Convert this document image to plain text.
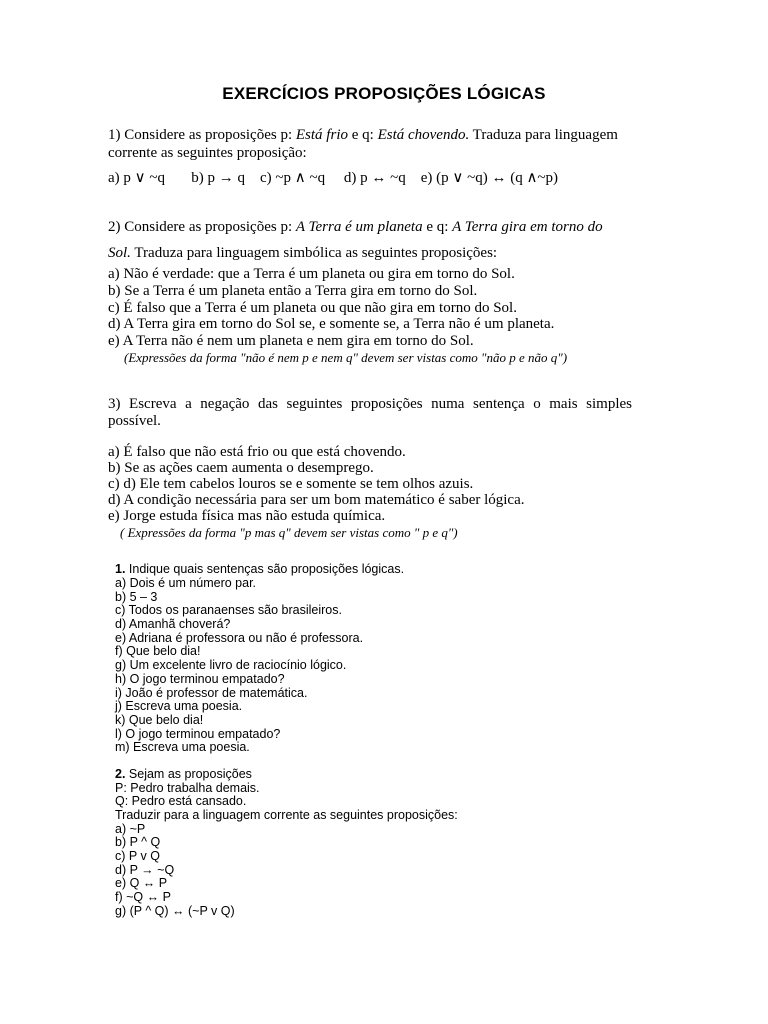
EXERCÍCIOS PROPOSIÇÕES LÓGICAS
1) Considere as proposições p: Está frio e q: Está chovendo. Traduza para linguagem
corrente as seguintes proposição:
a) p ∨ ~q       b) p → q    c) ~p ∧ ~q     d) p ↔ ~q    e) (p ∨ ~q) ↔ (q ∧~p)
2) Considere as proposições p: A Terra é um planeta e q: A Terra gira em torno do
Sol. Traduza para linguagem simbólica as seguintes proposições:
a) Não é verdade: que a Terra é um planeta ou gira em torno do Sol.
b) Se a Terra é um planeta então a Terra gira em torno do Sol.
c) É falso que a Terra é um planeta ou que não gira em torno do Sol.
d) A Terra gira em torno do Sol se, e somente se, a Terra não é um planeta.
e) A Terra não é nem um planeta e nem gira em torno do Sol.
(Expressões da forma "não é nem p e nem q" devem ser vistas como "não p e não q")
3) Escreva a negação das seguintes proposições numa sentença o mais simples possível.
a) É falso que não está frio ou que está chovendo.
b) Se as ações caem aumenta o desemprego.
c) d) Ele tem cabelos louros se e somente se tem olhos azuis.
d) A condição necessária para ser um bom matemático é saber lógica.
e) Jorge estuda física mas não estuda química.
( Expressões da forma "p mas q" devem ser vistas como " p e q")
1. Indique quais sentenças são proposições lógicas.
a) Dois é um número par.
b) 5 – 3
c) Todos os paranaenses são brasileiros.
d) Amanhã choverá?
e) Adriana é professora ou não é professora.
f) Que belo dia!
g) Um excelente livro de raciocínio lógico.
h) O jogo terminou empatado?
i) João é professor de matemática.
j) Escreva uma poesia.
k) Que belo dia!
l) O jogo terminou empatado?
m) Escreva uma poesia.
2. Sejam as proposições
P: Pedro trabalha demais.
Q: Pedro está cansado.
Traduzir para a linguagem corrente as seguintes proposições:
a) ~P
b) P ^ Q
c) P v Q
d) P → ~Q
e) Q ↔ P
f) ~Q ↔ P
g) (P ^ Q) ↔ (~P v Q)
